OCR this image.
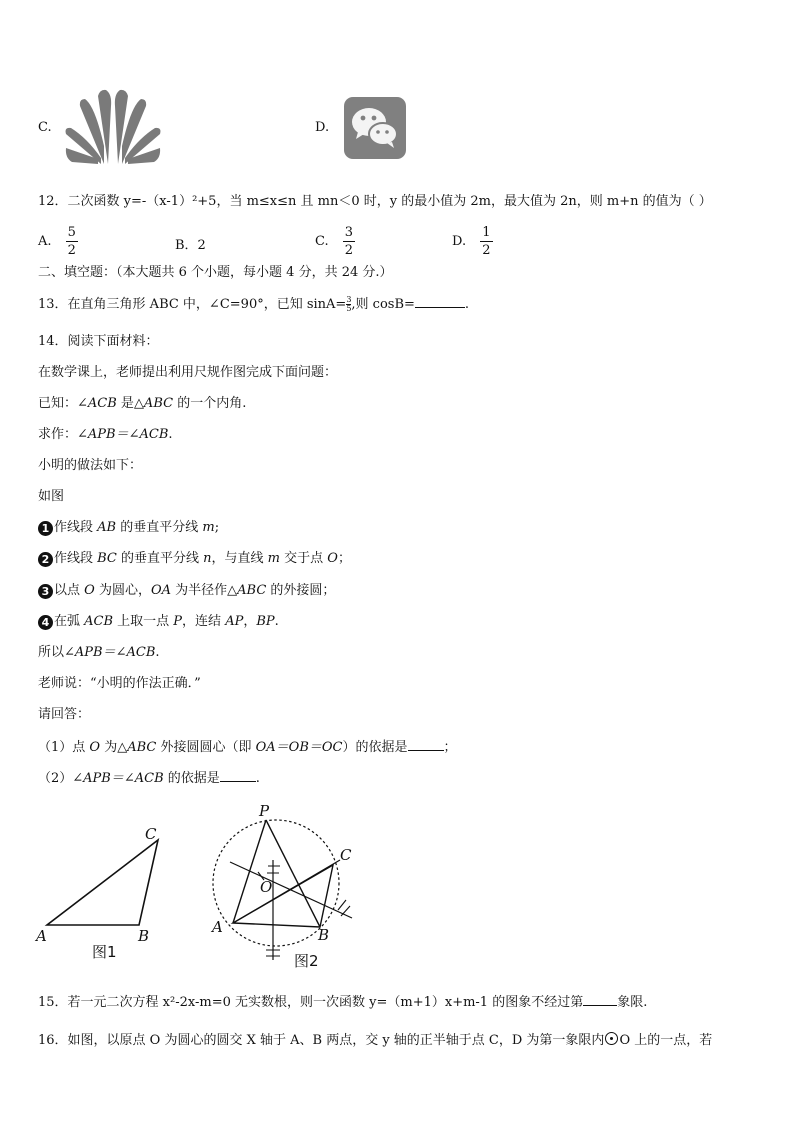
C.	D.
12．二次函数 y=-（x-1）²+5，当 m≤x≤n 且 mn＜0 时，y 的最小值为 2m，最大值为 2n，则 m+n 的值为（ ）
A. $\frac{5}{2}$	B．2	C. $\frac{3}{2}$	D. $\frac{1}{2}$
二、填空题：（本大题共 6 个小题，每小题 4 分，共 24 分.）
13．在直角三角形 ABC 中，∠C=90°，已知 $\sin A= \frac{3}{5}$ ,则 cosB=	.
14．阅读下面材料：
在数学课上，老师提出利用尺规作图完成下面问题：
已知：∠ACB 是△ABC 的一个内角.
求作：∠APB＝∠ACB.
小明的做法如下：
如图
1 作线段 AB 的垂直平分线 m;
2 作线段 BC 的垂直平分线 n，与直线 m 交于点 O；
3 以点 O 为圆心，OA 为半径作△ABC 的外接圆；
4 在弧 ACB 上取一点 P，连结 AP，BP.
所以∠APB＝∠ACB.
老师说：“小明的作法正确．”
请回答：
（1）点 O 为△ABC 外接圆圆心（即 OA＝OB＝OC）的依据是	；
（2）∠APB＝∠ACB 的依据是	.
A	B
C
图1
P
C
O
A	B
图2
15．若一元二次方程 x²-2x-m=0 无实数根，则一次函数 y=（m+1）x+m-1 的图象不经过第	象限.
16．如图，以原点 O 为圆心的圆交 X 轴于 A、B 两点，交 y 轴的正半轴于点 C，D 为第一象限内 O 上的一点，若
